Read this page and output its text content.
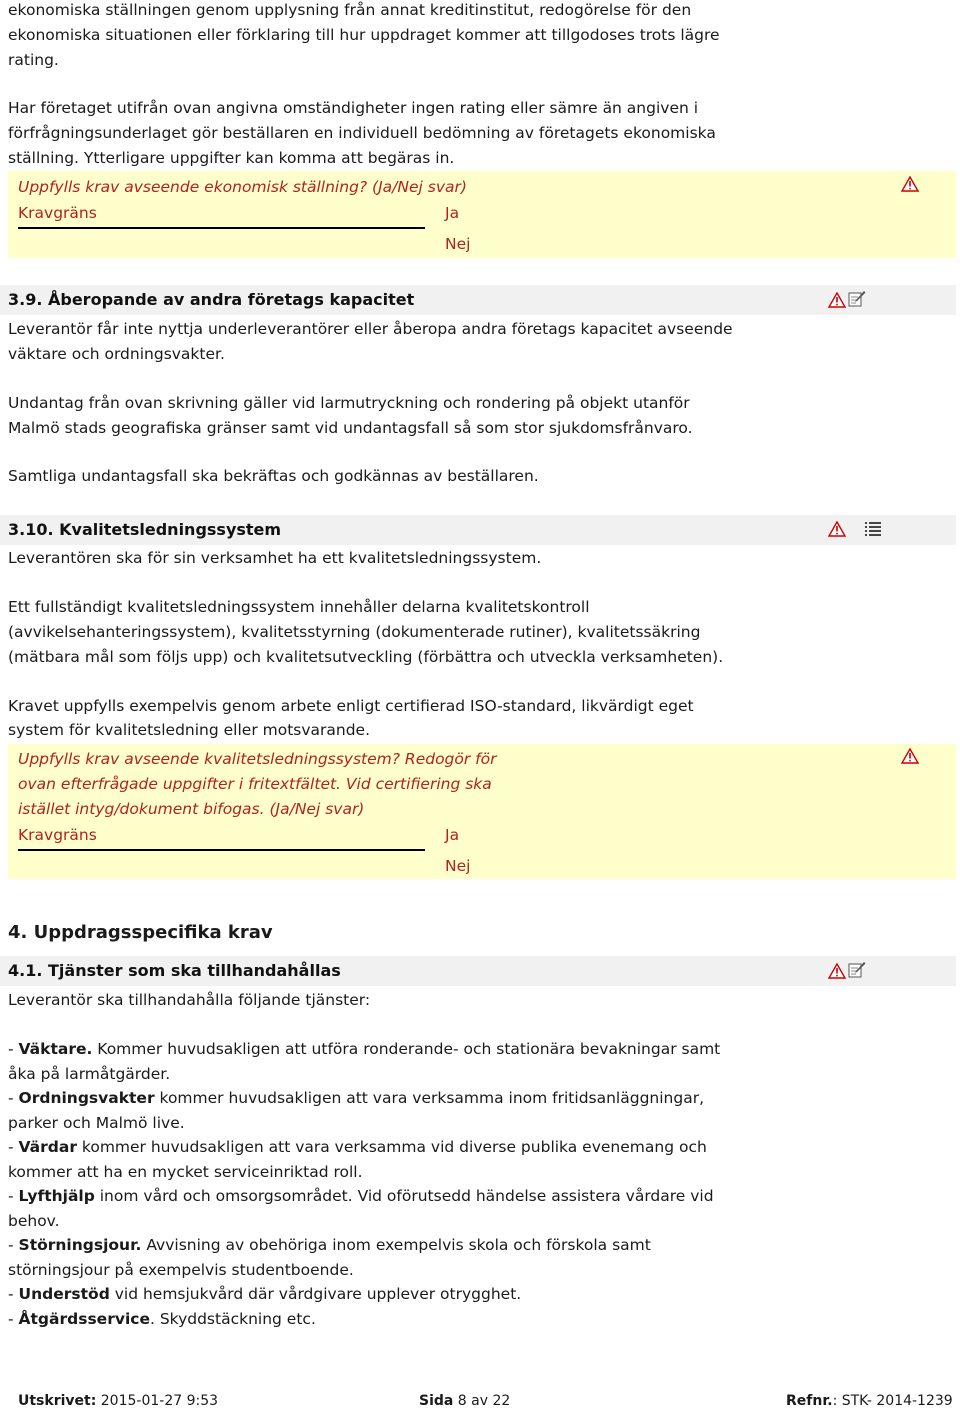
ekonomiska ställningen genom upplysning från annat kreditinstitut, redogörelse för den
ekonomiska situationen eller förklaring till hur uppdraget kommer att tillgodoses trots lägre
rating.
Har företaget utifrån ovan angivna omständigheter ingen rating eller sämre än angiven i
förfrågningsunderlaget gör beställaren en individuell bedömning av företagets ekonomiska
ställning. Ytterligare uppgifter kan komma att begäras in.
Uppfylls krav avseende ekonomisk ställning? (Ja/Nej svar)
Kravgräns	Ja
Nej
3.9. Åberopande av andra företags kapacitet
Leverantör får inte nyttja underleverantörer eller åberopa andra företags kapacitet avseende
väktare och ordningsvakter.
Undantag från ovan skrivning gäller vid larmutryckning och rondering på objekt utanför
Malmö stads geografiska gränser samt vid undantagsfall så som stor sjukdomsfrånvaro.
Samtliga undantagsfall ska bekräftas och godkännas av beställaren.
3.10. Kvalitetsledningssystem
Leverantören ska för sin verksamhet ha ett kvalitetsledningssystem.
Ett fullständigt kvalitetsledningssystem innehåller delarna kvalitetskontroll
(avvikelsehanteringssystem), kvalitetsstyrning (dokumenterade rutiner), kvalitetssäkring
(mätbara mål som följs upp) och kvalitetsutveckling (förbättra och utveckla verksamheten).
Kravet uppfylls exempelvis genom arbete enligt certifierad ISO-standard, likvärdigt eget
system för kvalitetsledning eller motsvarande.
Uppfylls krav avseende kvalitetsledningssystem? Redogör för
ovan efterfrågade uppgifter i fritextfältet. Vid certifiering ska
istället intyg/dokument bifogas. (Ja/Nej svar)
Kravgräns	Ja
Nej
4. Uppdragsspecifika krav
4.1. Tjänster som ska tillhandahållas
Leverantör ska tillhandahålla följande tjänster:
- Väktare. Kommer huvudsakligen att utföra ronderande- och stationära bevakningar samt
åka på larmåtgärder.
- Ordningsvakter kommer huvudsakligen att vara verksamma inom fritidsanläggningar,
parker och Malmö live.
- Värdar kommer huvudsakligen att vara verksamma vid diverse publika evenemang och
kommer att ha en mycket serviceinriktad roll.
- Lyfthjälp inom vård och omsorgsområdet. Vid oförutsedd händelse assistera vårdare vid
behov.
- Störningsjour. Avvisning av obehöriga inom exempelvis skola och förskola samt
störningsjour på exempelvis studentboende.
- Understöd vid hemsjukvård där vårdgivare upplever otrygghet.
- Åtgärdsservice. Skyddstäckning etc.
Utskrivet: 2015-01-27 9:53	Sida 8 av 22	Refnr.: STK- 2014-1239
